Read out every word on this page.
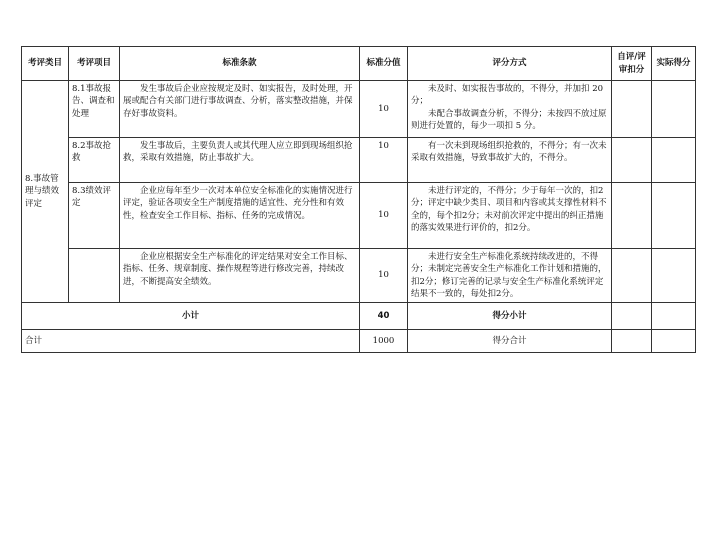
考评类目	考评项目	标准条款	标准分值	评分方式	自评/评审扣分	实际得分
8.事故管理与绩效评定	8.1事故报告、调查和处理	发生事故后企业应按规定及时、如实报告，及时处理，开展或配合有关部门进行事故调查、分析，落实整改措施，并保存好事故资料。	10	未及时、如实报告事故的，不得分，并加扣 20 分；
未配合事故调查分析，不得分；未按四不放过原则进行处置的，每少一项扣 5 分。		

	8.2事故抢救	发生事故后，主要负责人或其代理人应立即到现场组织抢救，采取有效措施，防止事故扩大。	10	有一次未到现场组织抢救的，不得分；有一次未采取有效措施，导致事故扩大的，不得分。		

	8.3绩效评定	企业应每年至少一次对本单位安全标准化的实施情况进行评定，验证各项安全生产制度措施的适宜性、充分性和有效性，检查安全工作目标、指标、任务的完成情况。	10	未进行评定的，不得分；少于每年一次的，扣2分；评定中缺少类目、项目和内容或其支撑性材料不全的，每个扣2分；未对前次评定中提出的纠正措施的落实效果进行评价的，扣2分。		

		企业应根据安全生产标准化的评定结果对安全工作目标、指标、任务、规章制度、操作规程等进行修改完善，持续改进，不断提高安全绩效。	10	未进行安全生产标准化系统持续改进的，不得分；未制定完善安全生产标准化工作计划和措施的，扣2分；修订完善的记录与安全生产标准化系统评定结果不一致的，每处扣2分。		

小计			40	得分小计		
合计			1000	得分合计		
